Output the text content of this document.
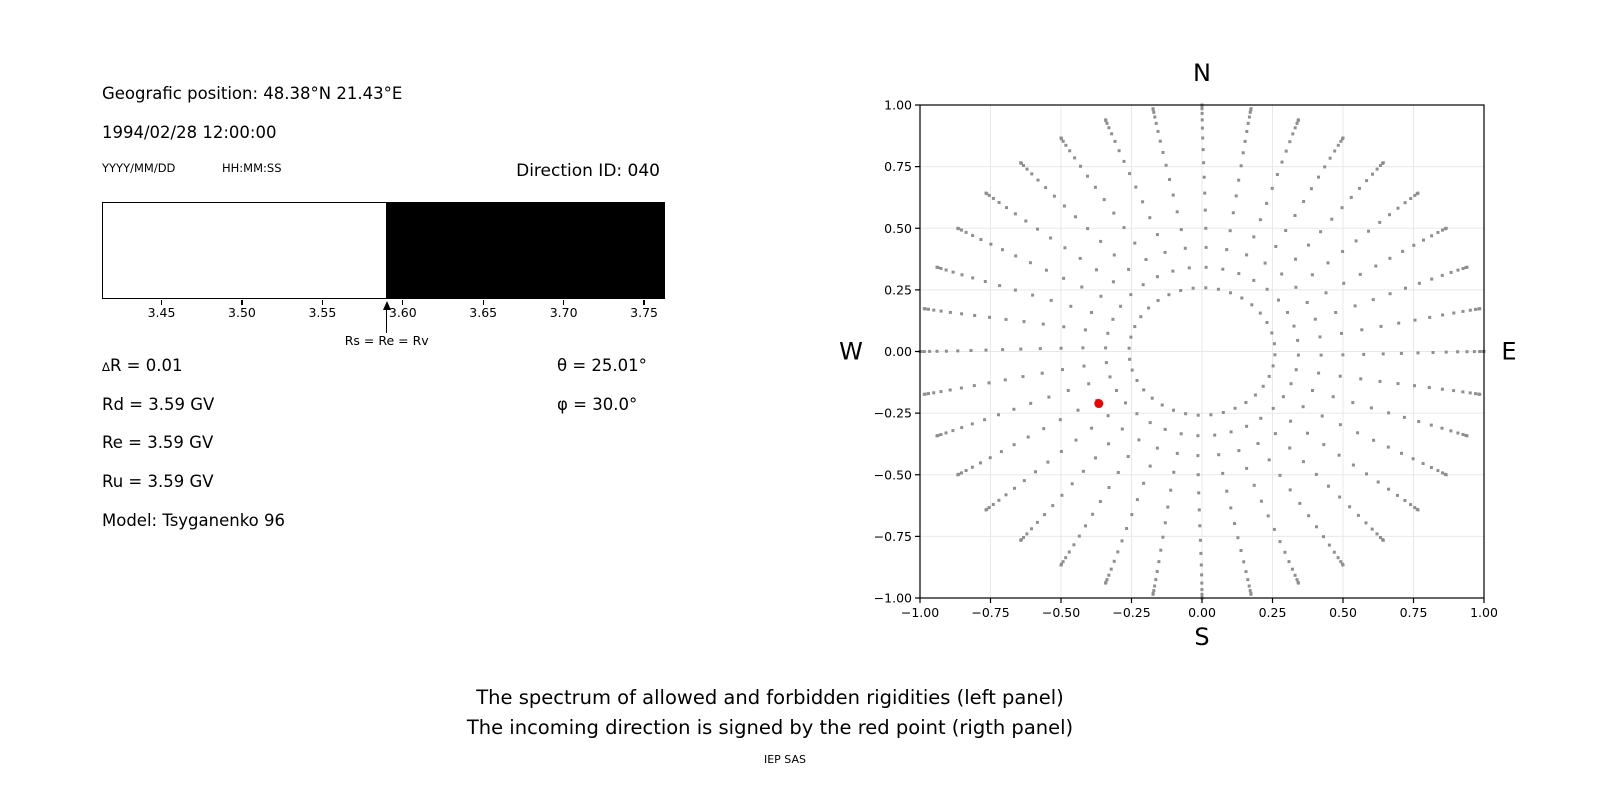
Geografic position: 48.38°N 21.43°E
1994/02/28 12:00:00
YYYY/MM/DD	HH:MM:SS	Direction ID: 040
3.45	3.50	3.55	3.60	3.65	3.70	3.75
Rs = Re = Rv
∆R = 0.01
Rd = 3.59 GV
Re = 3.59 GV
Ru = 3.59 GV
Model: Tsyganenko 96
θ = 25.01°
φ = 30.0°
−1.00	−0.75	−0.50	−0.25	0.00	0.25	0.50	0.75	1.00
1.00
0.75
0.50
0.25
0.00
−0.25
−0.50
−0.75
−1.00
N
S
W	E
The spectrum of allowed and forbidden rigidities (left panel)
The incoming direction is signed by the red point (rigth panel)
IEP SAS
